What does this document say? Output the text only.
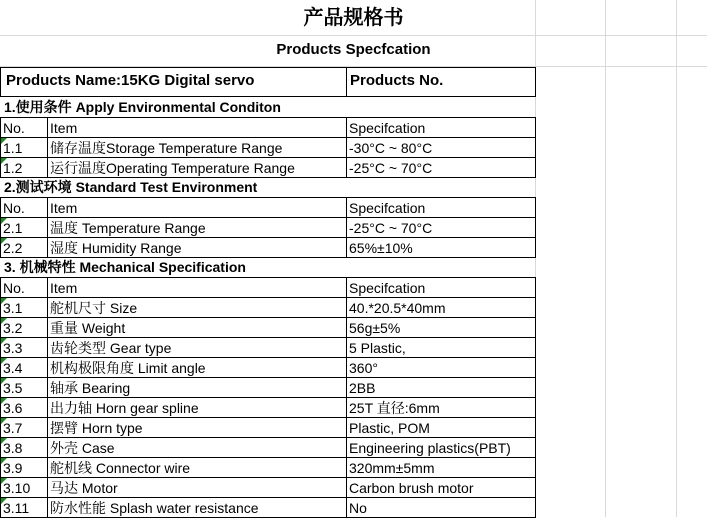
产品规格书
Products Specfcation
Products Name:15KG Digital servo	Products No.
1.使用条件 Apply Environmental Conditon
No. Item	Specifcation
1.1 储存温度Storage Temperature Range	-30°C ~ 80°C
1.2 运行温度Operating Temperature Range	-25°C ~ 70°C
2.测试环境 Standard Test Environment
No. Item	Specifcation
2.1 温度 Temperature Range	-25°C ~ 70°C
2.2 湿度 Humidity Range	65%±10%
3. 机械特性 Mechanical Specification
No. Item	Specifcation
3.1 舵机尺寸 Size	40.*20.5*40mm
3.2 重量 Weight	56g±5%
3.3 齿轮类型 Gear type	5 Plastic,
3.4 机构极限角度 Limit angle	360°
3.5 轴承 Bearing	2BB
3.6 出力轴 Horn gear spline	25T 直径:6mm
3.7 摆臂 Horn type	Plastic, POM
3.8 外壳 Case	Engineering plastics(PBT)
3.9 舵机线 Connector wire	320mm±5mm
3.10 马达 Motor	Carbon brush motor
3.11 防水性能 Splash water resistance	No
